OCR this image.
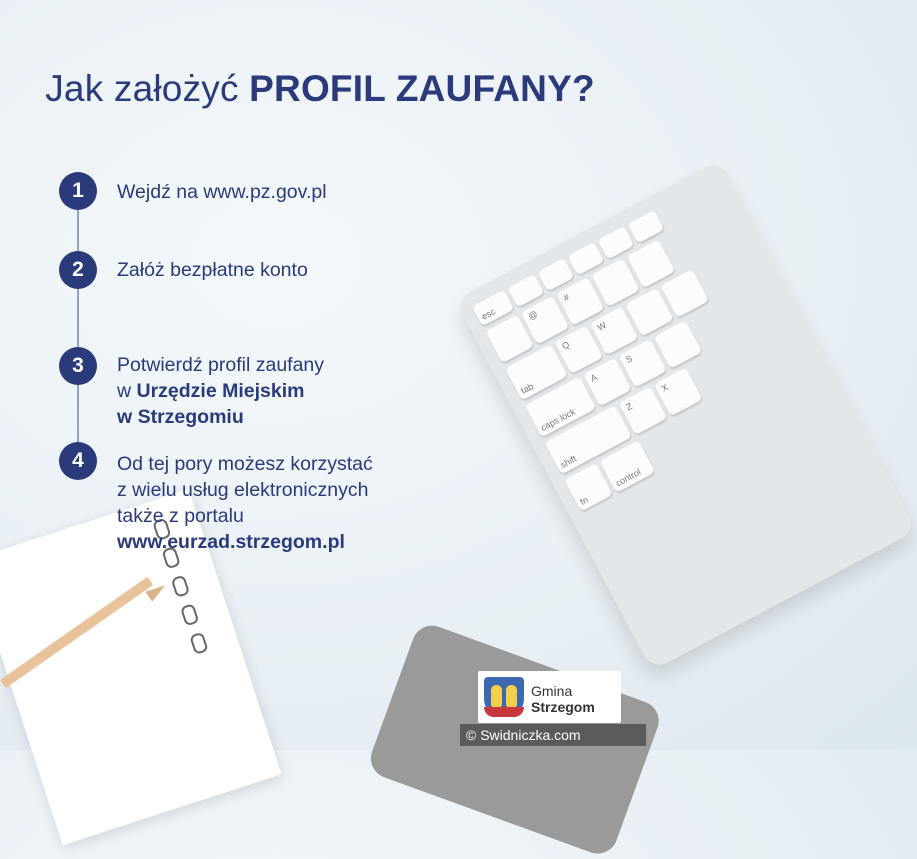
esc	@
#
tab
Q
W
caps lock
A
S
shift
Z
X
fn
control
Jak założyć PROFIL ZAUFANY?
1	Wejdź na www.pz.gov.pl
2	Załóż bezpłatne konto
3	Potwierdź profil zaufany
w Urzędzie Miejskim
w Strzegomiu
4	Od tej pory możesz korzystać
z wielu usług elektronicznych
także z portalu
www.eurzad.strzegom.pl
Gmina
Strzegom
© Swidniczka.com
